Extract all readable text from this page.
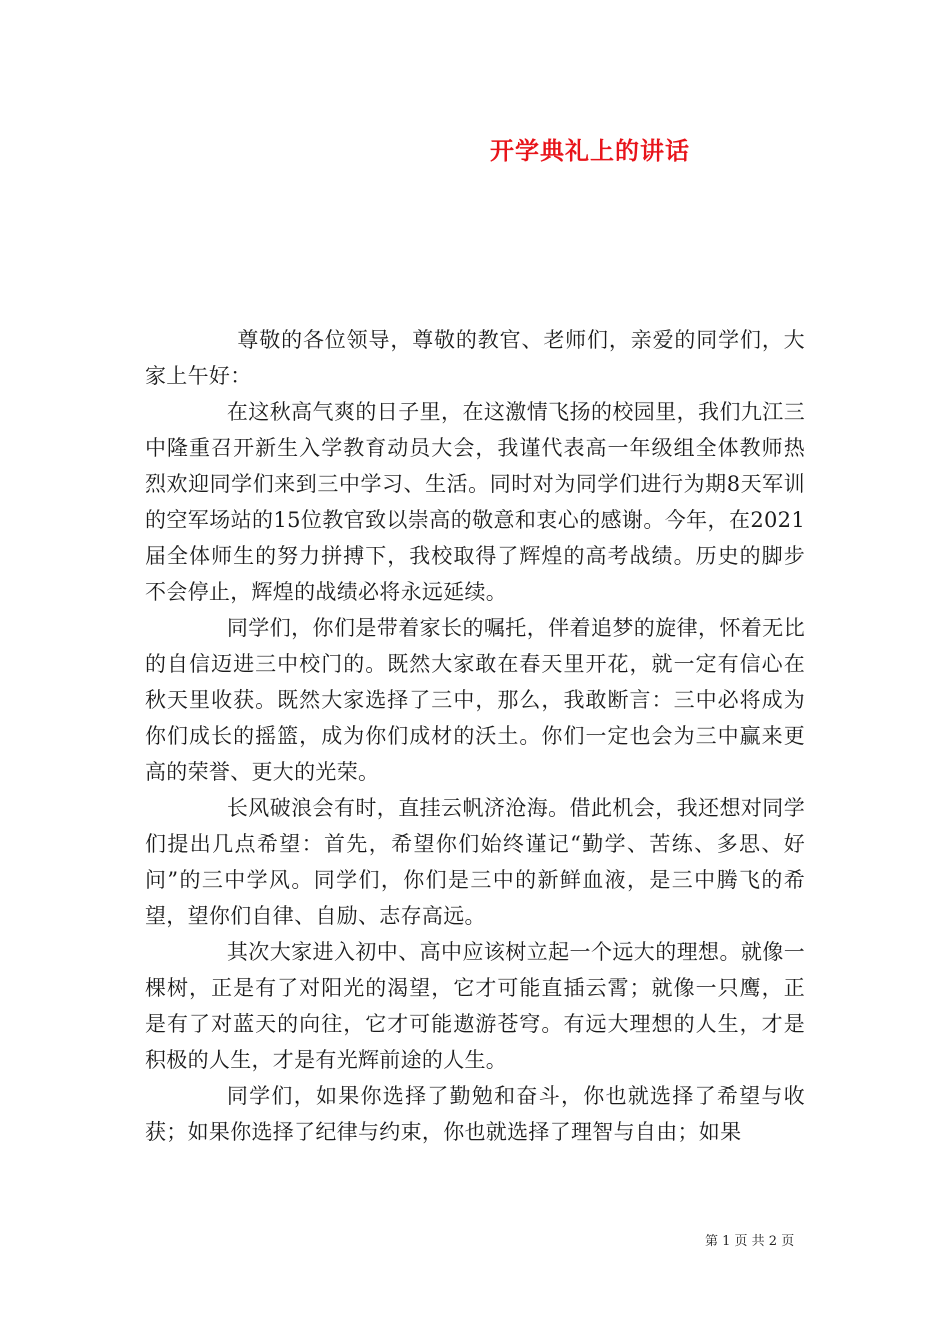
开学典礼上的讲话

尊敬的各位领导，尊敬的教官、老师们，亲爱的同学们，大家上午好：

在这秋高气爽的日子里，在这激情飞扬的校园里，我们九江三中隆重召开新生入学教育动员大会，我谨代表高一年级组全体教师热烈欢迎同学们来到三中学习、生活。同时对为同学们进行为期8天军训的空军场站的15位教官致以崇高的敬意和衷心的感谢。今年，在2021届全体师生的努力拼搏下，我校取得了辉煌的高考战绩。历史的脚步不会停止，辉煌的战绩必将永远延续。

同学们，你们是带着家长的嘱托，伴着追梦的旋律，怀着无比的自信迈进三中校门的。既然大家敢在春天里开花，就一定有信心在秋天里收获。既然大家选择了三中，那么，我敢断言：三中必将成为你们成长的摇篮，成为你们成材的沃土。你们一定也会为三中赢来更高的荣誉、更大的光荣。

长风破浪会有时，直挂云帆济沧海。借此机会，我还想对同学们提出几点希望：首先，希望你们始终谨记“勤学、苦练、多思、好问”的三中学风。同学们，你们是三中的新鲜血液，是三中腾飞的希望，望你们自律、自励、志存高远。

其次大家进入初中、高中应该树立起一个远大的理想。就像一棵树，正是有了对阳光的渴望，它才可能直插云霄；就像一只鹰，正是有了对蓝天的向往，它才可能遨游苍穹。有远大理想的人生，才是积极的人生，才是有光辉前途的人生。

同学们，如果你选择了勤勉和奋斗，你也就选择了希望与收获；如果你选择了纪律与约束，你也就选择了理智与自由；如果

第 1 页 共 2 页
